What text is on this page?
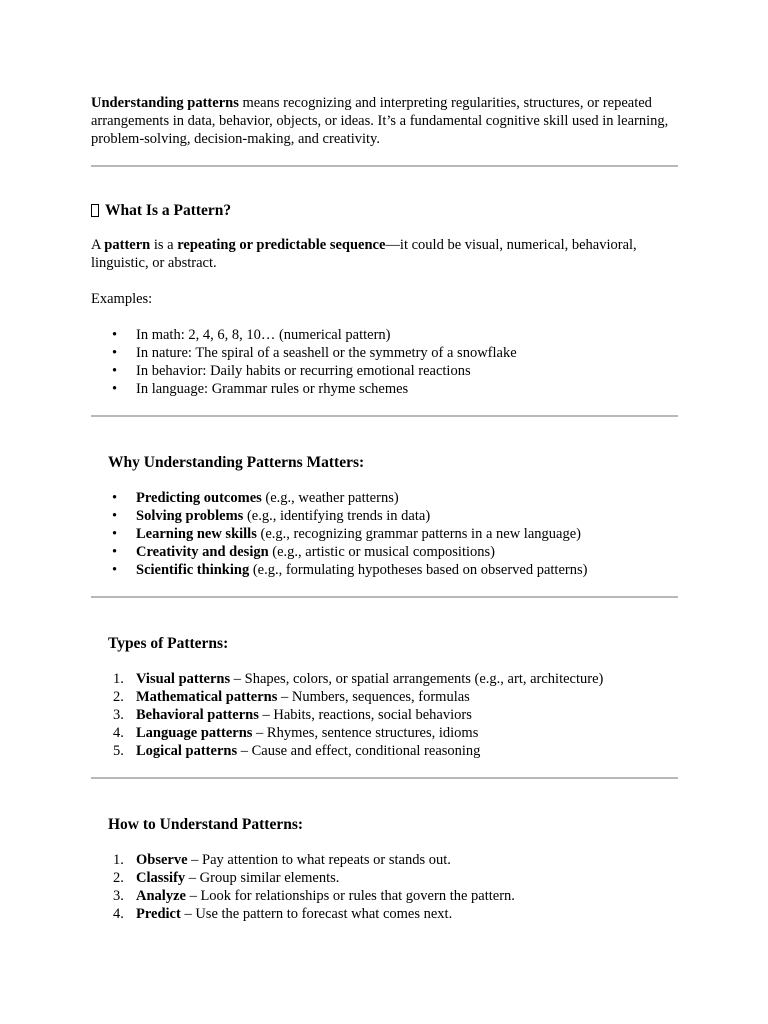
Understanding patterns means recognizing and interpreting regularities, structures, or repeated arrangements in data, behavior, objects, or ideas. It’s a fundamental cognitive skill used in learning, problem-solving, decision-making, and creativity.

What Is a Pattern?

A pattern is a repeating or predictable sequence—it could be visual, numerical, behavioral, linguistic, or abstract.

Examples:

• In math: 2, 4, 6, 8, 10… (numerical pattern)
• In nature: The spiral of a seashell or the symmetry of a snowflake
• In behavior: Daily habits or recurring emotional reactions
• In language: Grammar rules or rhyme schemes
Why Understanding Patterns Matters:
• Predicting outcomes (e.g., weather patterns)
• Solving problems (e.g., identifying trends in data)
• Learning new skills (e.g., recognizing grammar patterns in a new language)
• Creativity and design (e.g., artistic or musical compositions)
• Scientific thinking (e.g., formulating hypotheses based on observed patterns)
Types of Patterns:
1. Visual patterns – Shapes, colors, or spatial arrangements (e.g., art, architecture)
2. Mathematical patterns – Numbers, sequences, formulas
3. Behavioral patterns – Habits, reactions, social behaviors
4. Language patterns – Rhymes, sentence structures, idioms
5. Logical patterns – Cause and effect, conditional reasoning
How to Understand Patterns:
1. Observe – Pay attention to what repeats or stands out.
2. Classify – Group similar elements.
3. Analyze – Look for relationships or rules that govern the pattern.
4. Predict – Use the pattern to forecast what comes next.
